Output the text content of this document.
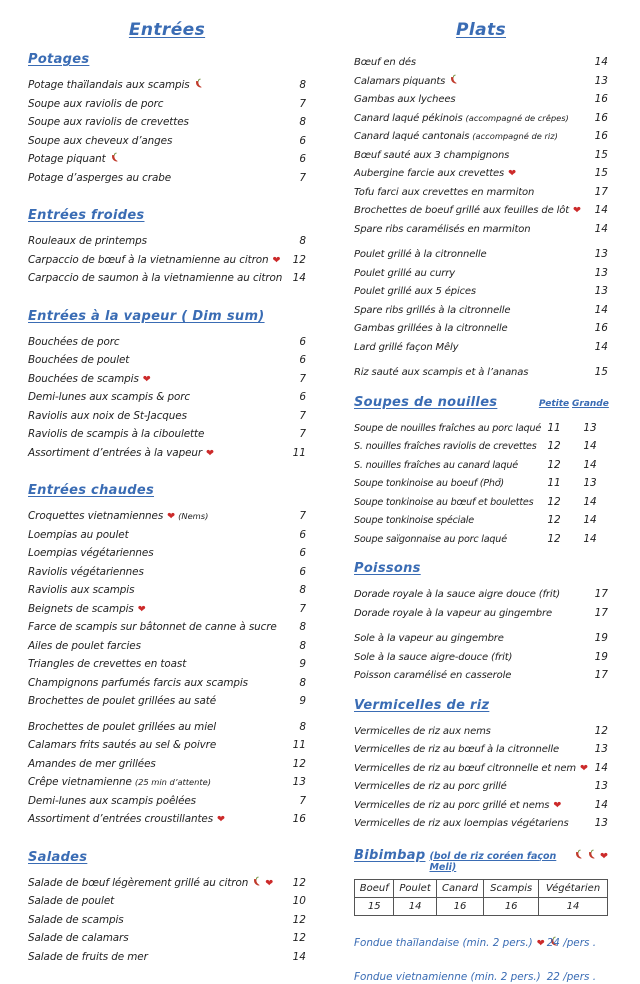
Entrées
Potages
Potage thaïlandais aux scampis	8
Soupe aux raviolis de porc	7
Soupe aux raviolis de crevettes	8
Soupe aux cheveux d’anges	6
Potage piquant	6
Potage d’asperges au crabe	7
Entrées froides
Rouleaux de printemps	8
Carpaccio de bœuf à la vietnamienne au citron ❤	12
Carpaccio de saumon à la vietnamienne au citron 14
Entrées à la vapeur ( Dim sum)
Bouchées de porc	6
Bouchées de poulet	6
Bouchées de scampis ❤	7
Demi-lunes aux scampis & porc	6
Raviolis aux noix de St-Jacques	7
Raviolis de scampis à la ciboulette	7
Assortiment d’entrées à la vapeur ❤	11
Entrées chaudes
Croquettes vietnamiennes ❤ (Nems)	7
Loempias au poulet	6
Loempias végétariennes	6
Raviolis végétariennes	6
Raviolis aux scampis	8
Beignets de scampis ❤	7
Farce de scampis sur bâtonnet de canne à sucre	8
Ailes de poulet farcies	8
Triangles de crevettes en toast	9
Champignons parfumés farcis aux scampis	8
Brochettes de poulet grillées au saté	9
Brochettes de poulet grillées au miel	8
Calamars frits sautés au sel & poivre	11
Amandes de mer grillées	12
Crêpe vietnamienne (25 min d’attente)	13
Demi-lunes aux scampis poêlées	7
Assortiment d’entrées croustillantes ❤	16
Salades
Salade de bœuf légèrement grillé au citron ❤	12
Salade de poulet	10
Salade de scampis	12
Salade de calamars	12
Salade de fruits de mer	14
Plats
Bœuf en dés	14
Calamars piquants	13
Gambas aux lychees	16
Canard laqué pékinois (accompagné de crêpes)	16
Canard laqué cantonais (accompagné de riz)	16
Bœuf sauté aux 3 champignons	15
Aubergine farcie aux crevettes ❤	15
Tofu farci aux crevettes en marmiton	17
Brochettes de boeuf grillé aux feuilles de lôt ❤	14
Spare ribs caramélisés en marmiton	14
Poulet grillé à la citronnelle	13
Poulet grillé au curry	13
Poulet grillé aux 5 épices	13
Spare ribs grillés à la citronnelle	14
Gambas grillées à la citronnelle	16
Lard grillé façon Mêly	14
Riz sauté aux scampis et à l’ananas	15
Soupes de nouilles	Petite Grande
Soupe de nouilles fraîches au porc laqué 11	13
S. nouilles fraîches raviolis de crevettes	12	14
S. nouilles fraîches au canard laqué	12	14
Soupe tonkinoise au boeuf (Phở)	11	13
Soupe tonkinoise au bœuf et boulettes	12	14
Soupe tonkinoise spéciale	12	14
Soupe saïgonnaise au porc laqué	12	14
Poissons
Dorade royale à la sauce aigre douce (frit)	17
Dorade royale à la vapeur au gingembre	17
Sole à la vapeur au gingembre	19
Sole à la sauce aigre-douce (frit)	19
Poisson caramélisé en casserole	17
Vermicelles de riz
Vermicelles de riz aux nems	12
Vermicelles de riz au bœuf à la citronnelle	13
Vermicelles de riz au bœuf citronnelle et nem ❤ 14
Vermicelles de riz au porc grillé	13
Vermicelles de riz au porc grillé et nems ❤	14
Vermicelles de riz aux loempias végétariens	13
Bibimbap (bol de riz coréen façon Meli)
❤
Boeuf	Poulet	Canard	Scampis	Végétarien
15	14	16	16	14
Fondue thaïlandaise (min. 2 pers.) ❤ 24 /pers .
Fondue vietnamienne (min. 2 pers.) 22 /pers .
